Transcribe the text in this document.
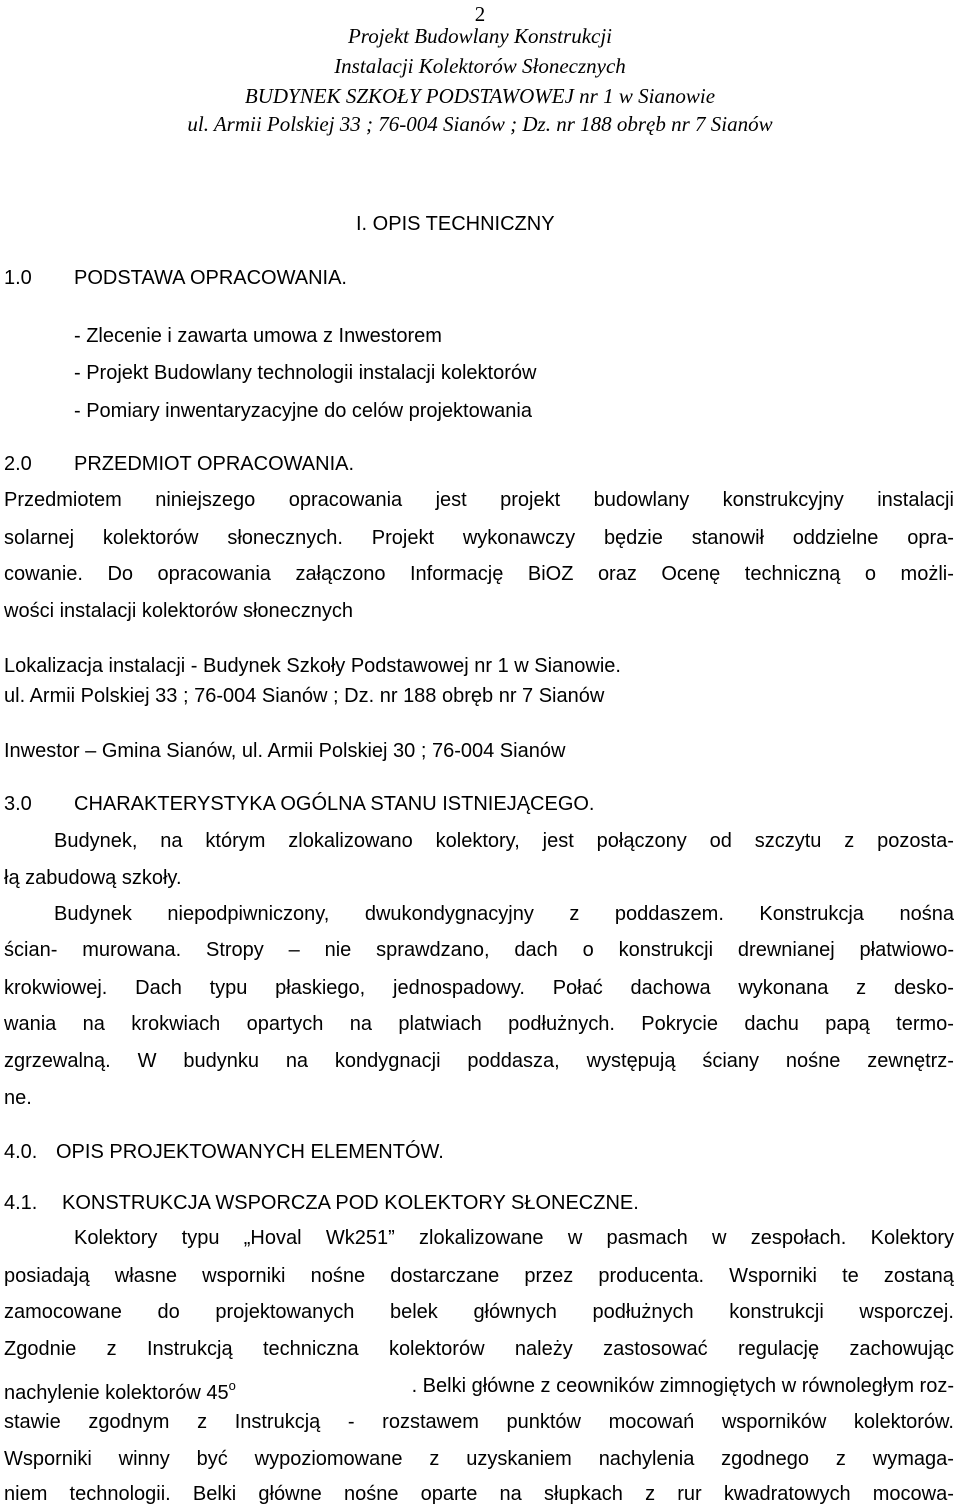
2
Projekt Budowlany Konstrukcji
Instalacji Kolektorów Słonecznych
BUDYNEK SZKOŁY PODSTAWOWEJ nr 1 w Sianowie
ul. Armii Polskiej 33 ; 76-004 Sianów ; Dz. nr 188 obręb nr 7 Sianów
I. OPIS TECHNICZNY
1.0 PODSTAWA OPRACOWANIA.
- Zlecenie i zawarta umowa z Inwestorem
- Projekt Budowlany technologii instalacji kolektorów
- Pomiary inwentaryzacyjne do celów projektowania
2.0 PRZEDMIOT OPRACOWANIA.
Przedmiotem niniejszego opracowania jest projekt budowlany konstrukcyjny instalacji
solarnej kolektorów słonecznych. Projekt wykonawczy będzie stanowił oddzielne opra-
cowanie. Do opracowania załączono Informację BiOZ oraz Ocenę techniczną o możli-
wości instalacji kolektorów słonecznych
Lokalizacja instalacji - Budynek Szkoły Podstawowej nr 1 w Sianowie.
ul. Armii Polskiej 33 ; 76-004 Sianów ; Dz. nr 188 obręb nr 7 Sianów
Inwestor – Gmina Sianów, ul. Armii Polskiej 30 ; 76-004 Sianów
3.0 CHARAKTERYSTYKA OGÓLNA STANU ISTNIEJĄCEGO.
Budynek, na którym zlokalizowano kolektory, jest połączony od szczytu z pozosta-
łą zabudową szkoły.
Budynek niepodpiwniczony, dwukondygnacyjny z poddaszem. Konstrukcja nośna
ścian- murowana. Stropy – nie sprawdzano, dach o konstrukcji drewnianej płatwiowo-
krokwiowej. Dach typu płaskiego, jednospadowy. Połać dachowa wykonana z desko-
wania na krokwiach opartych na platwiach podłużnych. Pokrycie dachu papą termo-
zgrzewalną. W budynku na kondygnacji poddasza, występują ściany nośne zewnętrz-
ne.
4.0. OPIS PROJEKTOWANYCH ELEMENTÓW.
4.1. KONSTRUKCJA WSPORCZA POD KOLEKTORY SŁONECZNE.
Kolektory typu „Hoval Wk251” zlokalizowane w pasmach w zespołach. Kolektory
posiadają własne wsporniki nośne dostarczane przez producenta. Wsporniki te zostaną
zamocowane do projektowanych belek głównych podłużnych konstrukcji wsporczej.
Zgodnie z Instrukcją techniczna kolektorów należy zastosować regulację zachowując
nachylenie kolektorów 45$^o$	. Belki główne z ceowników zimnogiętych w równoległym roz-
stawie zgodnym z Instrukcją - rozstawem punktów mocowań wsporników kolektorów.
Wsporniki winny być wypoziomowane z uzyskaniem nachylenia zgodnego z wymaga-
niem technologii. Belki główne nośne oparte na słupkach z rur kwadratowych mocowa-
